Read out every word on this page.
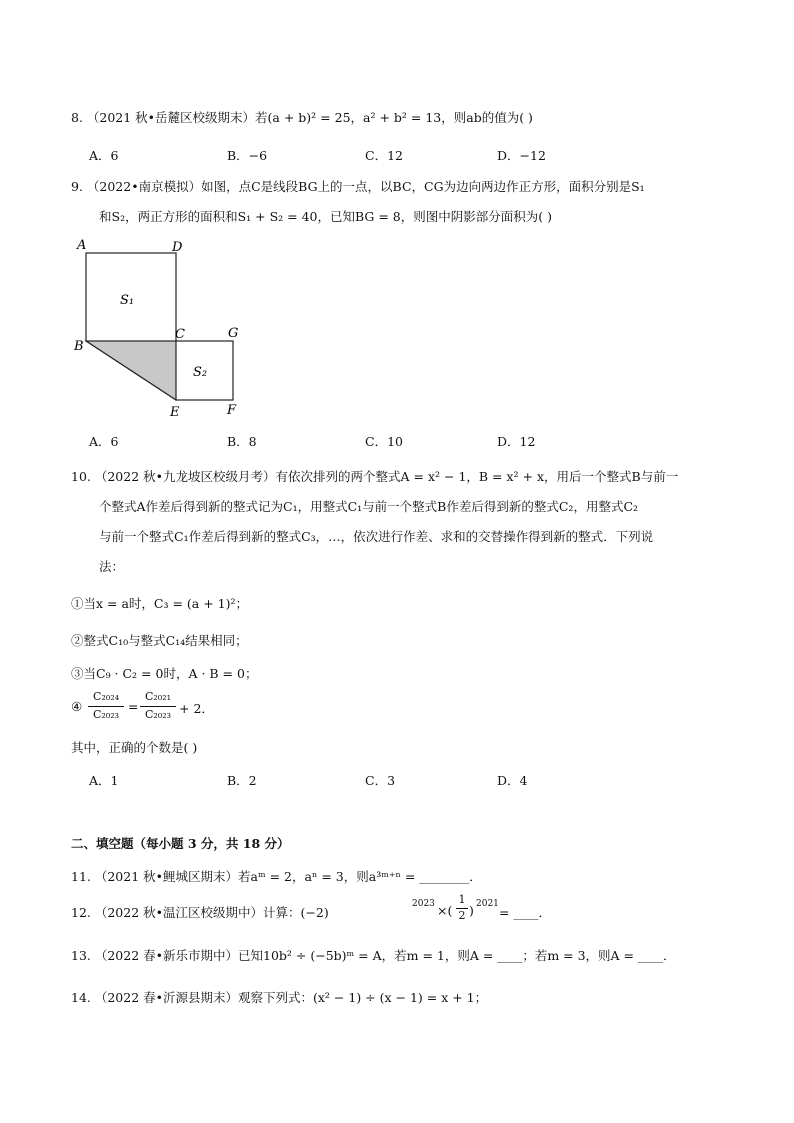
8. （2021 秋•岳麓区校级期末）若(a + b)² = 25，a² + b² = 13，则ab的值为( )
A．6	B．−6	C．12	D．−12
9. （2022•南京模拟）如图，点C是线段BG上的一点，以BC，CG为边向两边作正方形，面积分别是S₁
和S₂，两正方形的面积和S₁ + S₂ = 40，已知BG = 8，则图中阴影部分面积为( )
A	D
S₁
C	G
B
S₂
E	F
A．6	B．8	C．10	D．12
10. （2022 秋•九龙坡区校级月考）有依次排列的两个整式A = x² − 1，B = x² + x，用后一个整式B与前一
个整式A作差后得到新的整式记为C₁，用整式C₁与前一个整式B作差后得到新的整式C₂，用整式C₂
与前一个整式C₁作差后得到新的整式C₃，…，依次进行作差、求和的交替操作得到新的整式．下列说
法：
①当x = a时，C₃ = (a + 1)²；
②整式C₁₀与整式C₁₄结果相同；
③当C₉ · C₂ = 0时，A · B = 0；
④
C₂₀₂₄
C₂₀₂₃
=
C₂₀₂₁
C₂₀₂₃ + 2．
其中，正确的个数是( )
A．1	B．2	C．3	D．4
二、填空题（每小题 3 分，共 18 分）
11. （2021 秋•鲤城区期末）若aᵐ = 2，aⁿ = 3，则a³ᵐ⁺ⁿ = ________．
12. （2022 秋•温江区校级期中）计算：(−2)
2023 ×(
1
2 ) 2021
= ____．
13. （2022 春•新乐市期中）已知10b² ÷ (−5b)ᵐ = A，若m = 1，则A = ____；若m = 3，则A = ____．
14. （2022 春•沂源县期末）观察下列式：(x² − 1) ÷ (x − 1) = x + 1；
